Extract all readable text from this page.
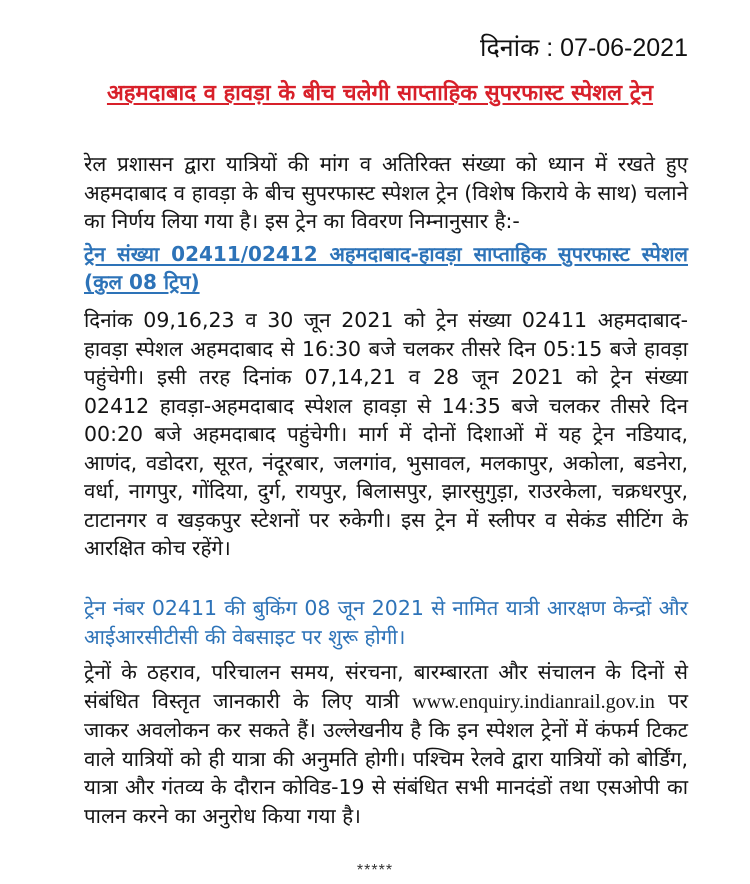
दिनांक : 07-06-2021
अहमदाबाद व हावड़ा के बीच चलेगी साप्ताहिक सुपरफास्ट स्पेशल ट्रेन

रेल प्रशासन द्वारा यात्रियों की मांग व अतिरिक्त संख्या को ध्यान में रखते हुए अहमदाबाद व हावड़ा के बीच सुपरफास्ट स्पेशल ट्रेन (विशेष किराये के साथ) चलाने का निर्णय लिया गया है। इस ट्रेन का विवरण निम्नानुसार है:-

ट्रेन संख्या 02411/02412 अहमदाबाद-हावड़ा साप्ताहिक सुपरफास्ट स्पेशल (कुल 08 ट्रिप)

दिनांक 09,16,23 व 30 जून 2021 को ट्रेन संख्या 02411 अहमदाबाद-हावड़ा स्पेशल अहमदाबाद से 16:30 बजे चलकर तीसरे दिन 05:15 बजे हावड़ा पहुंचेगी। इसी तरह दिनांक 07,14,21 व 28 जून 2021 को ट्रेन संख्या 02412 हावड़ा-अहमदाबाद स्पेशल हावड़ा से 14:35 बजे चलकर तीसरे दिन 00:20 बजे अहमदाबाद पहुंचेगी। मार्ग में दोनों दिशाओं में यह ट्रेन नडियाद, आणंद, वडोदरा, सूरत, नंदूरबार, जलगांव, भुसावल, मलकापुर, अकोला, बडनेरा, वर्धा, नागपुर, गोंदिया, दुर्ग, रायपुर, बिलासपुर, झारसुगुड़ा, राउरकेला, चक्रधरपुर, टाटानगर व खड़कपुर स्टेशनों पर रुकेगी। इस ट्रेन में स्लीपर व सेकंड सीटिंग के आरक्षित कोच रहेंगे।

ट्रेन नंबर 02411 की बुकिंग 08 जून 2021 से नामित यात्री आरक्षण केन्द्रों और आईआरसीटीसी की वेबसाइट पर शुरू होगी।

ट्रेनों के ठहराव, परिचालन समय, संरचना, बारम्बारता और संचालन के दिनों से संबंधित विस्तृत जानकारी के लिए यात्री www.enquiry.indianrail.gov.in पर जाकर अवलोकन कर सकते हैं। उल्लेखनीय है कि इन स्पेशल ट्रेनों में कंफर्म टिकट वाले यात्रियों को ही यात्रा की अनुमति होगी। पश्चिम रेलवे द्वारा यात्रियों को बोर्डिंग, यात्रा और गंतव्य के दौरान कोविड-19 से संबंधित सभी मानदंडों तथा एसओपी का पालन करने का अनुरोध किया गया है।

*****
